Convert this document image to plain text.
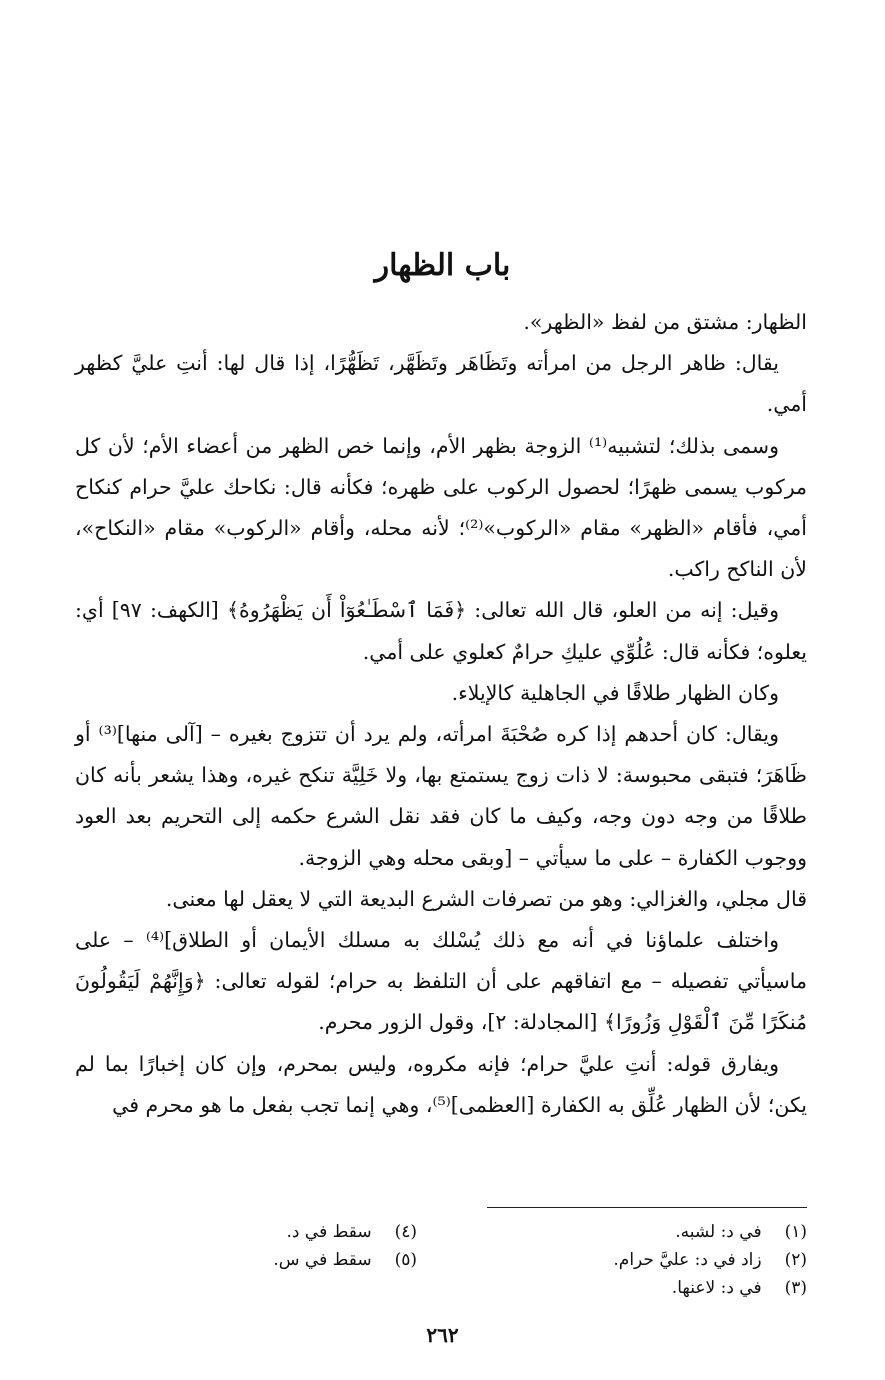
باب الظهار

الظهار: مشتق من لفظ «الظهر».

يقال: ظاهر الرجل من امرأته وتَظَاهَر وتَظَهَّر، تَظَهُّرًا، إذا قال لها: أنتِ عليَّ كظهر أمي.

وسمى بذلك؛ لتشبيه⁽¹⁾ الزوجة بظهر الأم، وإنما خص الظهر من أعضاء الأم؛ لأن كل مركوب يسمى ظهرًا؛ لحصول الركوب على ظهره؛ فكأنه قال: نكاحك عليَّ حرام كنكاح أمي، فأقام «الظهر» مقام «الركوب»⁽²⁾؛ لأنه محله، وأقام «الركوب» مقام «النكاح»، لأن الناكح راكب.

وقيل: إنه من العلو، قال الله تعالى: ﴿فَمَا ٱسْطَـٰعُوٓاْ أَن يَظْهَرُوهُ﴾ [الكهف: ٩٧] أي: يعلوه؛ فكأنه قال: عُلُوِّي عليكِ حرامٌ كعلوي على أمي.

وكان الظهار طلاقًا في الجاهلية كالإيلاء.

ويقال: كان أحدهم إذا كره صُحْبَةَ امرأته، ولم يرد أن تتزوج بغيره – [آلى منها]⁽³⁾ أو ظَاهَرَ؛ فتبقى محبوسة: لا ذات زوج يستمتع بها، ولا خَلِيَّة تنكح غيره، وهذا يشعر بأنه كان طلاقًا من وجه دون وجه، وكيف ما كان فقد نقل الشرع حكمه إلى التحريم بعد العود ووجوب الكفارة – على ما سيأتي – [وبقى محله وهي الزوجة.

قال مجلي، والغزالي: وهو من تصرفات الشرع البديعة التي لا يعقل لها معنى.

واختلف علماؤنا في أنه مع ذلك يُسْلك به مسلك الأيمان أو الطلاق]⁽⁴⁾ – على ماسيأتي تفصيله – مع اتفاقهم على أن التلفظ به حرام؛ لقوله تعالى: ﴿وَإِنَّهُمْ لَيَقُولُونَ مُنكَرًا مِّنَ ٱلْقَوْلِ وَزُورًا﴾ [المجادلة: ٢]، وقول الزور محرم.

ويفارق قوله: أنتِ عليَّ حرام؛ فإنه مكروه، وليس بمحرم، وإن كان إخبارًا بما لم يكن؛ لأن الظهار عُلِّق به الكفارة [العظمى]⁽⁵⁾، وهي إنما تجب بفعل ما هو محرم في

(١) في د: لشبه.
(٢) زاد في د: عليَّ حرام.
(٣) في د: لاعنها.
(٤) سقط في د.
(٥) سقط في س.
٢٦٢
